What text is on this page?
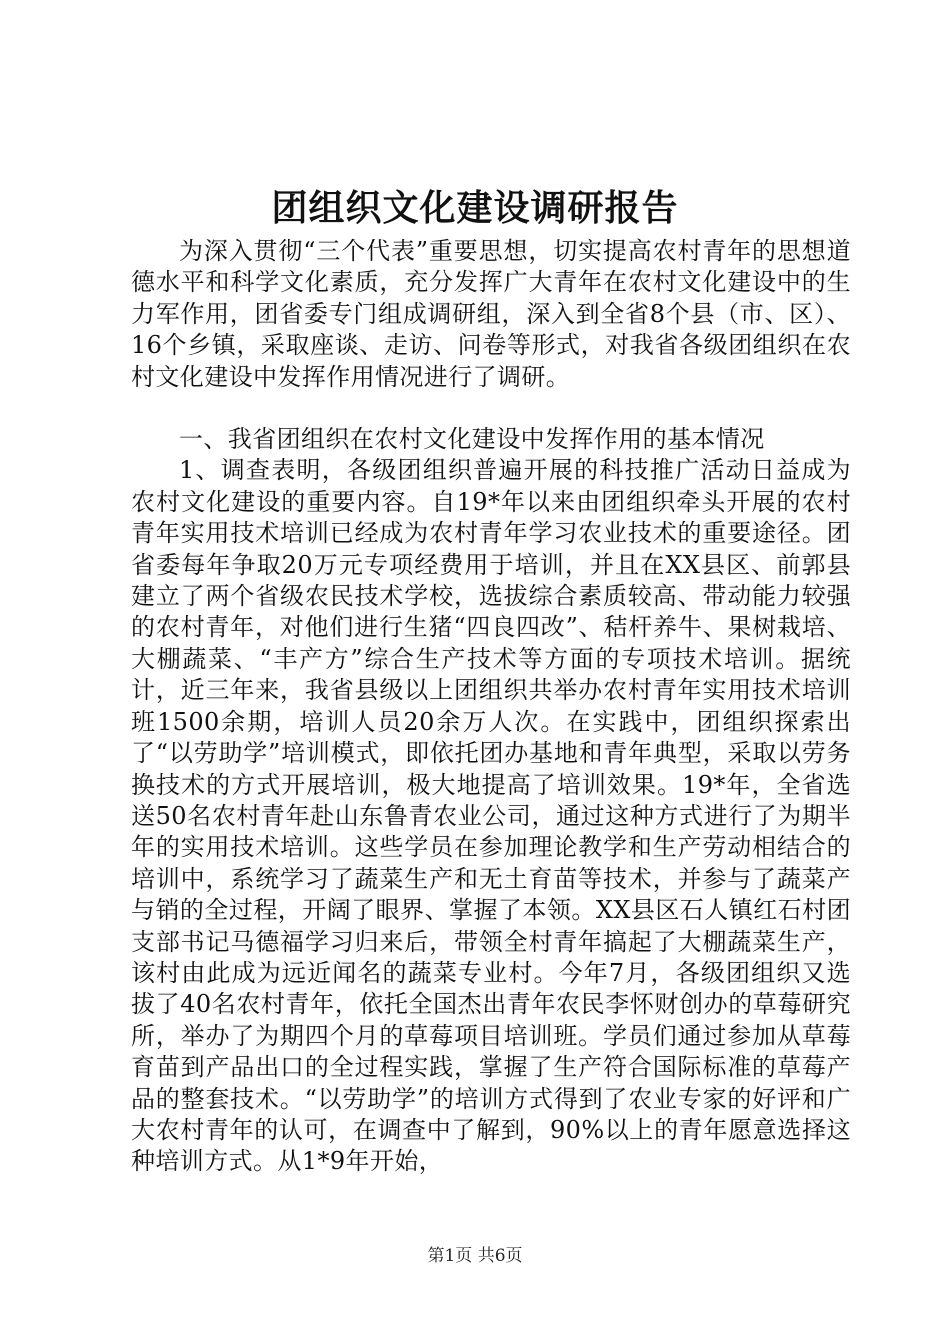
团组织文化建设调研报告

为深入贯彻“三个代表”重要思想，切实提高农村青年的思想道德水平和科学文化素质，充分发挥广大青年在农村文化建设中的生力军作用，团省委专门组成调研组，深入到全省8个县（市、区）、16个乡镇，采取座谈、走访、问卷等形式，对我省各级团组织在农村文化建设中发挥作用情况进行了调研。

一、我省团组织在农村文化建设中发挥作用的基本情况

1、调查表明，各级团组织普遍开展的科技推广活动日益成为农村文化建设的重要内容。自19*年以来由团组织牵头开展的农村青年实用技术培训已经成为农村青年学习农业技术的重要途径。团省委每年争取20万元专项经费用于培训，并且在XX县区、前郭县建立了两个省级农民技术学校，选拔综合素质较高、带动能力较强的农村青年，对他们进行生猪“四良四改”、秸杆养牛、果树栽培、大棚蔬菜、“丰产方”综合生产技术等方面的专项技术培训。据统计，近三年来，我省县级以上团组织共举办农村青年实用技术培训班1500余期，培训人员20余万人次。在实践中，团组织探索出了“以劳助学”培训模式，即依托团办基地和青年典型，采取以劳务换技术的方式开展培训，极大地提高了培训效果。19*年，全省选送50名农村青年赴山东鲁青农业公司，通过这种方式进行了为期半年的实用技术培训。这些学员在参加理论教学和生产劳动相结合的培训中，系统学习了蔬菜生产和无土育苗等技术，并参与了蔬菜产与销的全过程，开阔了眼界、掌握了本领。XX县区石人镇红石村团支部书记马德福学习归来后，带领全村青年搞起了大棚蔬菜生产，该村由此成为远近闻名的蔬菜专业村。今年7月，各级团组织又选拔了40名农村青年，依托全国杰出青年农民李怀财创办的草莓研究所，举办了为期四个月的草莓项目培训班。学员们通过参加从草莓育苗到产品出口的全过程实践，掌握了生产符合国际标准的草莓产品的整套技术。“以劳助学”的培训方式得到了农业专家的好评和广大农村青年的认可，在调查中了解到，90%以上的青年愿意选择这种培训方式。从1*9年开始，

第1页 共6页
